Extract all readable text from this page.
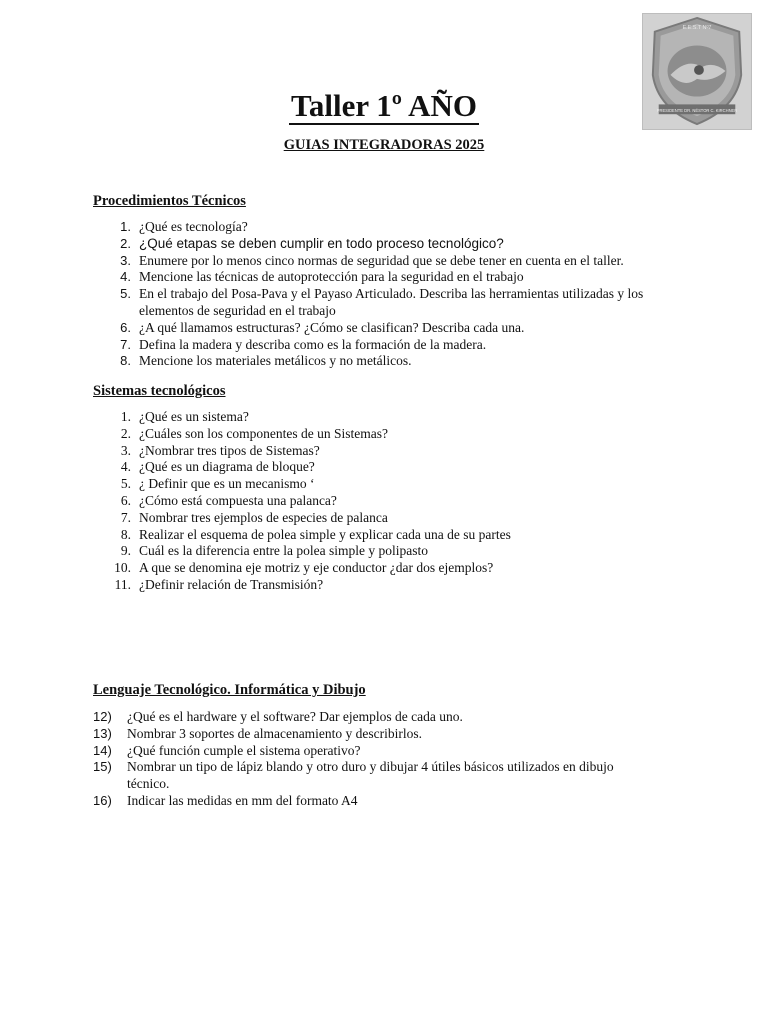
PRESIDENTE DR. NÉSTOR C. KIRCHNER
E.E.S.T Nº7
Taller 1º AÑO
GUIAS INTEGRADORAS 2025
Procedimientos Técnicos
1. ¿Qué es tecnología?
2. ¿Qué etapas se deben cumplir en todo proceso tecnológico?
3. Enumere por lo menos cinco normas de seguridad que se debe tener en cuenta en el taller.
4. Mencione las técnicas de autoprotección para la seguridad en el trabajo
5. En el trabajo del Posa-Pava y el Payaso Articulado. Describa las herramientas utilizadas y los elementos de seguridad en el trabajo
6. ¿A qué llamamos estructuras? ¿Cómo se clasifican? Describa cada una.
7. Defina la madera y describa como es la formación de la madera.
8. Mencione los materiales metálicos y no metálicos.
Sistemas tecnológicos
1. ¿Qué es un sistema?
2. ¿Cuáles son los componentes de un Sistemas?
3. ¿Nombrar tres tipos de Sistemas?
4. ¿Qué es un diagrama de bloque?
5. ¿ Definir que es un mecanismo ‘
6. ¿Cómo está compuesta una palanca?
7. Nombrar tres ejemplos de especies de palanca
8. Realizar el esquema de polea simple y explicar cada una de su partes
9. Cuál es la diferencia entre la polea simple y polipasto
10. A que se denomina eje motriz y eje conductor ¿dar dos ejemplos?
11. ¿Definir relación de Transmisión?
Lenguaje Tecnológico. Informática y Dibujo
12)	¿Qué es el hardware y el software? Dar ejemplos de cada uno.
13)	Nombrar 3 soportes de almacenamiento y describirlos.
14)	¿Qué función cumple el sistema operativo?
15)	Nombrar un tipo de lápiz blando y otro duro y dibujar 4 útiles básicos utilizados en dibujo técnico.
16)	Indicar las medidas en mm del formato A4
